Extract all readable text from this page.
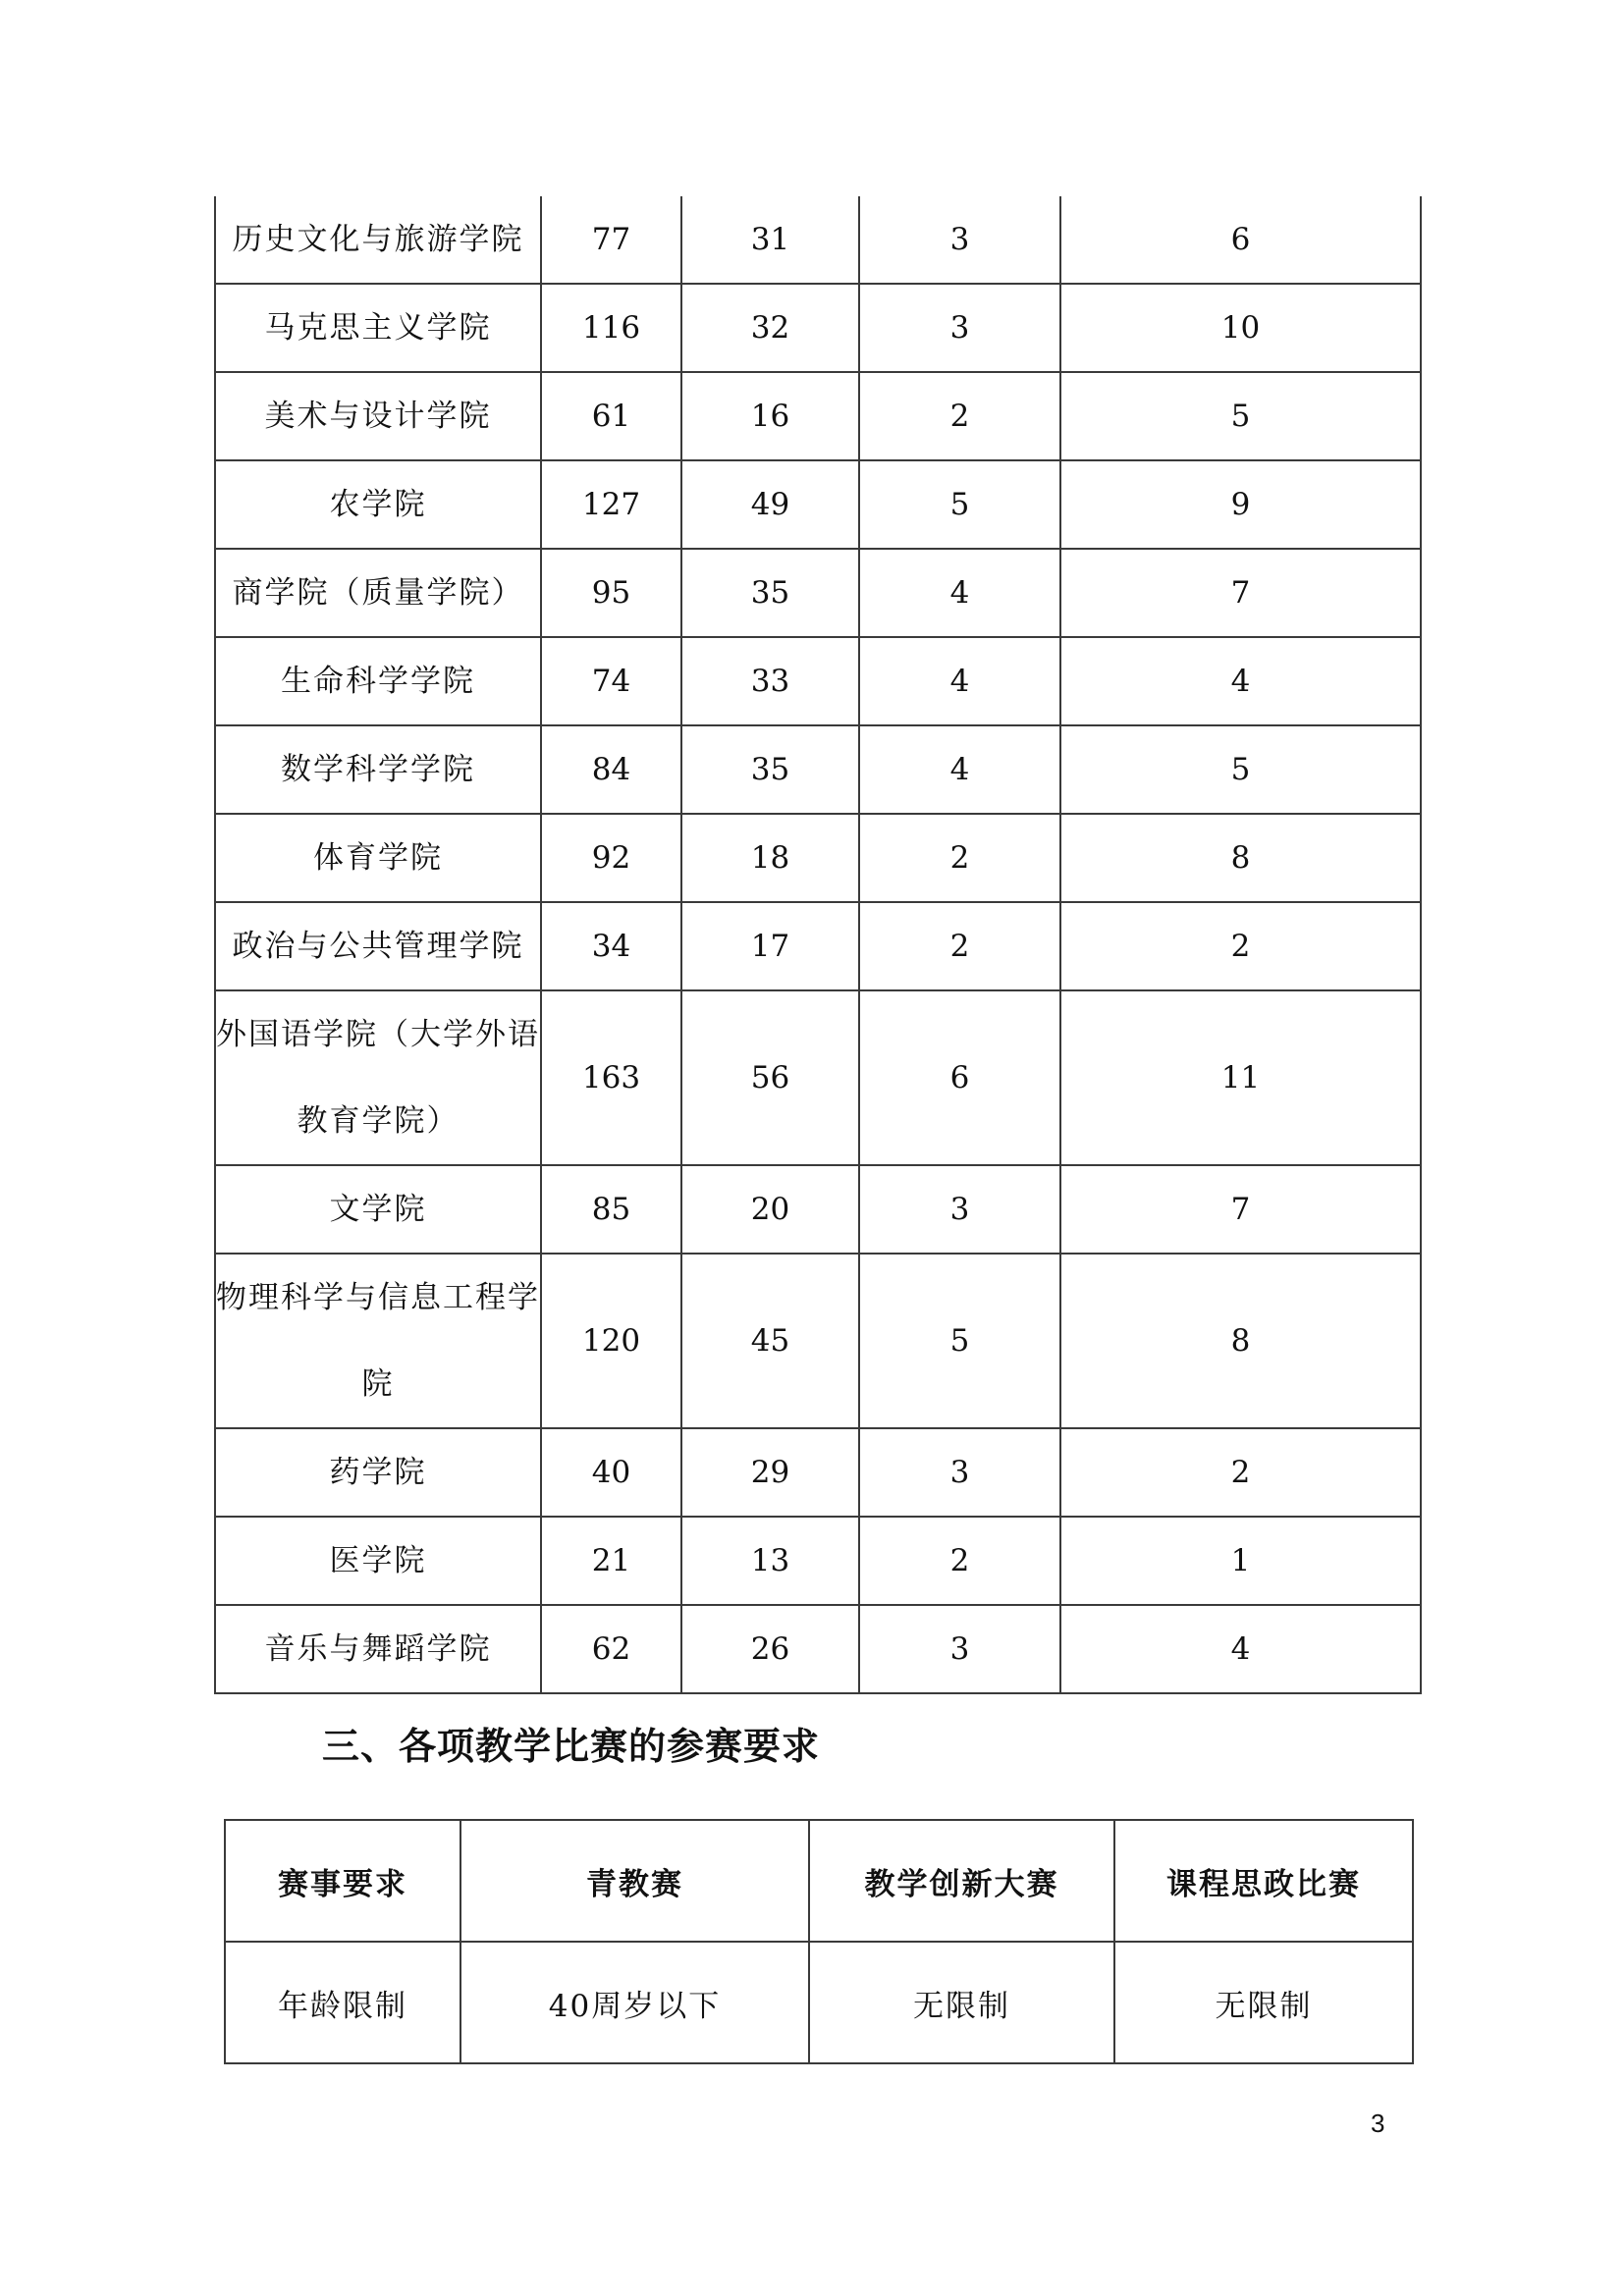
历史文化与旅游学院	77	31	3	6
马克思主义学院	116	32	3	10
美术与设计学院	61	16	2	5
农学院	127	49	5	9
商学院（质量学院）	95	35	4	7
生命科学学院	74	33	4	4
数学科学学院	84	35	4	5
体育学院	92	18	2	8
政治与公共管理学院	34	17	2	2
外国语学院（大学外语教育学院）	163	56	6	11
文学院	85	20	3	7
物理科学与信息工程学院	120	45	5	8
药学院	40	29	3	2
医学院	21	13	2	1
音乐与舞蹈学院	62	26	3	4
三、各项教学比赛的参赛要求
赛事要求	青教赛	教学创新大赛	课程思政比赛
年龄限制	40周岁以下	无限制	无限制
3
